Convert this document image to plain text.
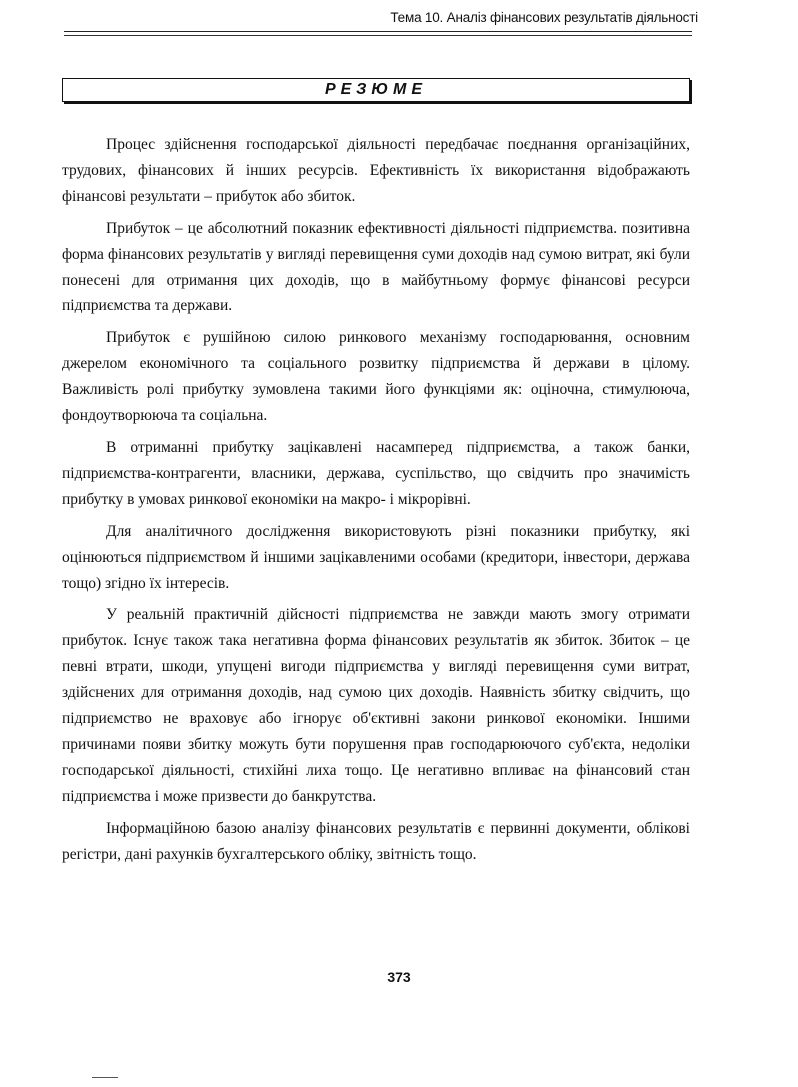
Тема 10. Аналіз фінансових результатів діяльності
РЕЗЮМЕ

Процес здійснення господарської діяльності передбачає поєднання організаційних, трудових, фінансових й інших ресурсів. Ефективність їх використання відображають фінансові результати – прибуток або збиток.

Прибуток – це абсолютний показник ефективності діяльності підприємства. позитивна форма фінансових результатів у вигляді перевищення суми доходів над сумою витрат, які були понесені для отримання цих доходів, що в майбутньому формує фінансові ресурси підприємства та держави.

Прибуток є рушійною силою ринкового механізму господарювання, основним джерелом економічного та соціального розвитку підприємства й держави в цілому. Важливість ролі прибутку зумовлена такими його функціями як: оціночна, стимулююча, фондоутворююча та соціальна.

В отриманні прибутку зацікавлені насамперед підприємства, а також банки, підприємства-контрагенти, власники, держава, суспільство, що свідчить про значимість прибутку в умовах ринкової економіки на макро- і мікрорівні.

Для аналітичного дослідження використовують різні показники прибутку, які оцінюються підприємством й іншими зацікавленими особами (кредитори, інвестори, держава тощо) згідно їх інтересів.

У реальній практичній дійсності підприємства не завжди мають змогу отримати прибуток. Існує також така негативна форма фінансових результатів як збиток. Збиток – це певні втрати, шкоди, упущені вигоди підприємства у вигляді перевищення суми витрат, здійснених для отримання доходів, над сумою цих доходів. Наявність збитку свідчить, що підприємство не враховує або ігнорує об'єктивні закони ринкової економіки. Іншими причинами появи збитку можуть бути порушення прав господарюючого суб'єкта, недоліки господарської діяльності, стихійні лиха тощо. Це негативно впливає на фінансовий стан підприємства і може призвести до банкрутства.

Інформаційною базою аналізу фінансових результатів є первинні документи, облікові регістри, дані рахунків бухгалтерського обліку, звітність тощо.

373
